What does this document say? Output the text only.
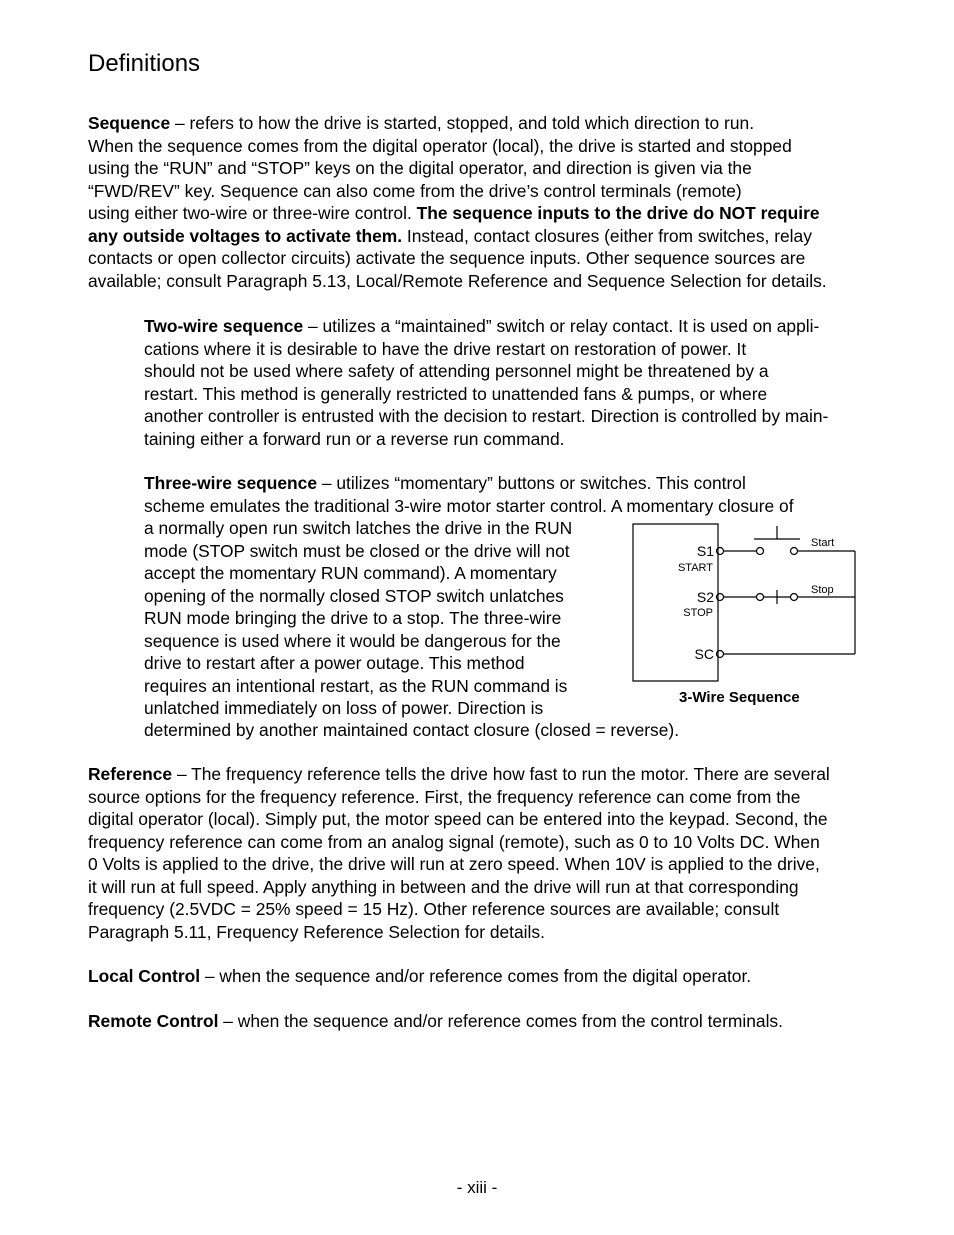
Definitions
Sequence – refers to how the drive is started, stopped, and told which direction to run.
When the sequence comes from the digital operator (local), the drive is started and stopped
using the “RUN” and “STOP” keys on the digital operator, and direction is given via the
“FWD/REV” key. Sequence can also come from the drive’s control terminals (remote)
using either two-wire or three-wire control. The sequence inputs to the drive do NOT require
any outside voltages to activate them. Instead, contact closures (either from switches, relay
contacts or open collector circuits) activate the sequence inputs. Other sequence sources are
available; consult Paragraph 5.13, Local/Remote Reference and Sequence Selection for details.
Two-wire sequence – utilizes a “maintained” switch or relay contact. It is used on appli-
cations where it is desirable to have the drive restart on restoration of power. It
should not be used where safety of attending personnel might be threatened by a
restart. This method is generally restricted to unattended fans & pumps, or where
another controller is entrusted with the decision to restart. Direction is controlled by main-
taining either a forward run or a reverse run command.
Three-wire sequence – utilizes “momentary” buttons or switches. This control
scheme emulates the traditional 3-wire motor starter control. A momentary closure of
a normally open run switch latches the drive in the RUN
mode (STOP switch must be closed or the drive will not
accept the momentary RUN command). A momentary
opening of the normally closed STOP switch unlatches
RUN mode bringing the drive to a stop. The three-wire
sequence is used where it would be dangerous for the
drive to restart after a power outage. This method
requires an intentional restart, as the RUN command is
unlatched immediately on loss of power. Direction is
determined by another maintained contact closure (closed = reverse).
S1
START
S2
STOP
SC
Start
Stop
3-Wire Sequence
Reference – The frequency reference tells the drive how fast to run the motor. There are several
source options for the frequency reference. First, the frequency reference can come from the
digital operator (local). Simply put, the motor speed can be entered into the keypad. Second, the
frequency reference can come from an analog signal (remote), such as 0 to 10 Volts DC. When
0 Volts is applied to the drive, the drive will run at zero speed. When 10V is applied to the drive,
it will run at full speed. Apply anything in between and the drive will run at that corresponding
frequency (2.5VDC = 25% speed = 15 Hz). Other reference sources are available; consult
Paragraph 5.11, Frequency Reference Selection for details.
Local Control – when the sequence and/or reference comes from the digital operator.
Remote Control – when the sequence and/or reference comes from the control terminals.
- xiii -
